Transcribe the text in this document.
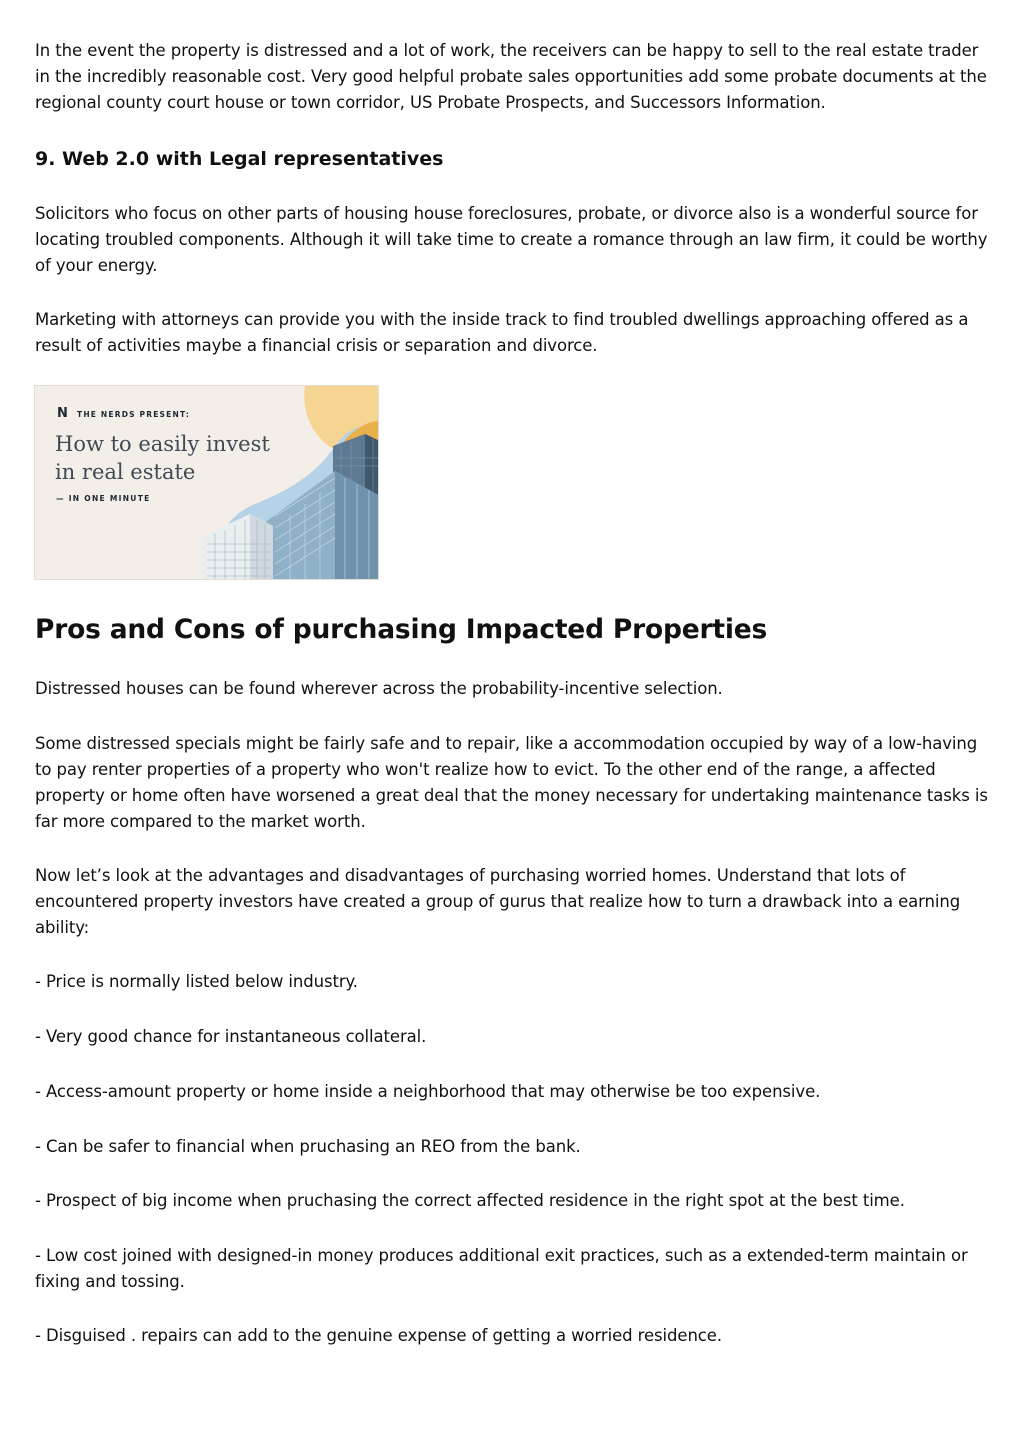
In the event the property is distressed and a lot of work, the receivers can be happy to sell to the real estate trader in the incredibly reasonable cost. Very good helpful probate sales opportunities add some probate documents at the regional county court house or town corridor, US Probate Prospects, and Successors Information.

9. Web 2.0 with Legal representatives

Solicitors who focus on other parts of housing house foreclosures, probate, or divorce also is a wonderful source for locating troubled components. Although it will take time to create a romance through an law firm, it could be worthy of your energy.

Marketing with attorneys can provide you with the inside track to find troubled dwellings approaching offered as a result of activities maybe a financial crisis or separation and divorce.

N THE NERDS PRESENT:
How to easily invest in real estate
— IN ONE MINUTE
Pros and Cons of purchasing Impacted Properties

Distressed houses can be found wherever across the probability-incentive selection.

Some distressed specials might be fairly safe and to repair, like a accommodation occupied by way of a low-having to pay renter properties of a property who won't realize how to evict. To the other end of the range, a affected property or home often have worsened a great deal that the money necessary for undertaking maintenance tasks is far more compared to the market worth.

Now let’s look at the advantages and disadvantages of purchasing worried homes. Understand that lots of encountered property investors have created a group of gurus that realize how to turn a drawback into a earning ability:

- Price is normally listed below industry.

- Very good chance for instantaneous collateral.

- Access-amount property or home inside a neighborhood that may otherwise be too expensive.

- Can be safer to financial when pruchasing an REO from the bank.

- Prospect of big income when pruchasing the correct affected residence in the right spot at the best time.

- Low cost joined with designed-in money produces additional exit practices, such as a extended-term maintain or fixing and tossing.

- Disguised . repairs can add to the genuine expense of getting a worried residence.
